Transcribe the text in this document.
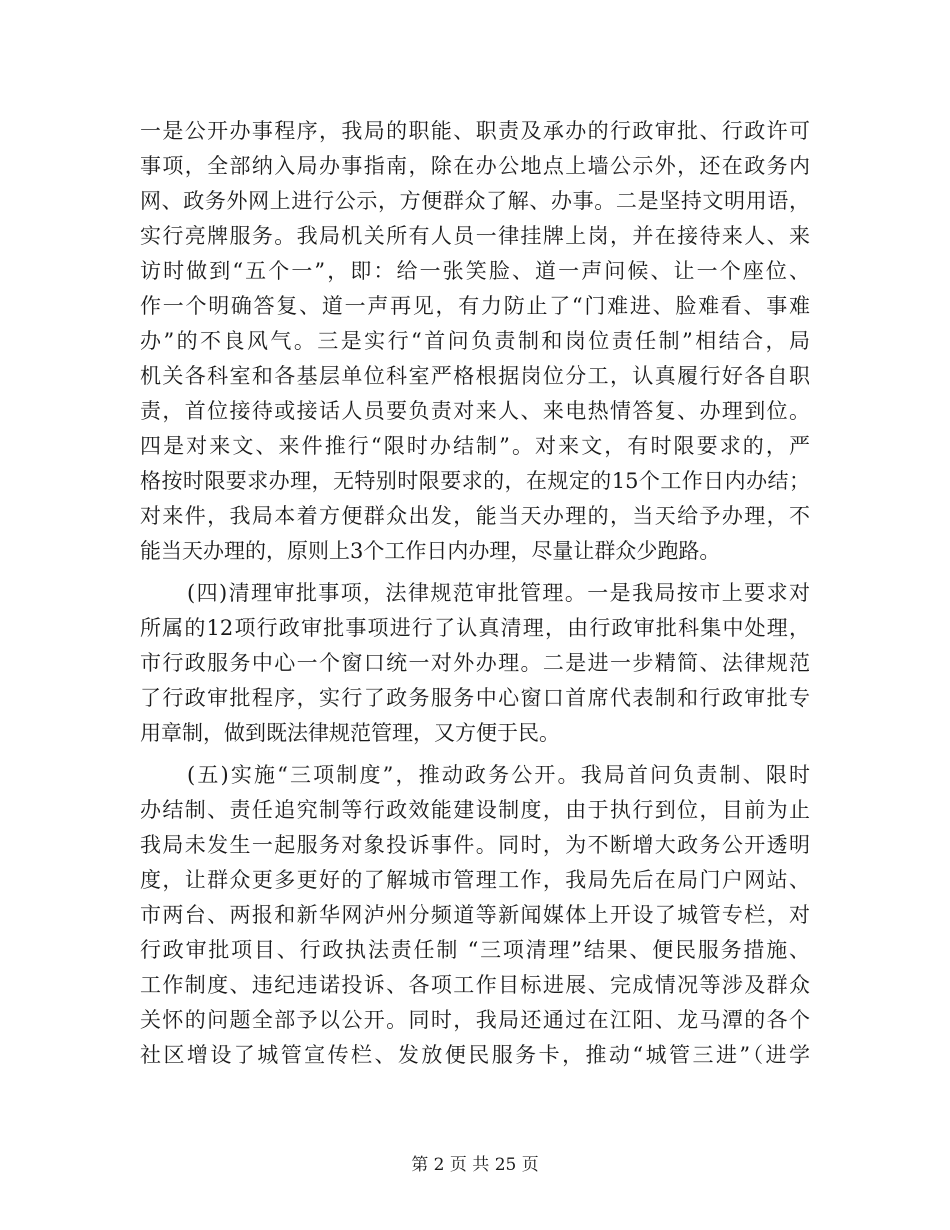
一是公开办事程序，我局的职能、职责及承办的行政审批、行政许可
事项，全部纳入局办事指南，除在办公地点上墙公示外，还在政务内
网、政务外网上进行公示，方便群众了解、办事。二是坚持文明用语，
实行亮牌服务。我局机关所有人员一律挂牌上岗，并在接待来人、来
访时做到“五个一”，即：给一张笑脸、道一声问候、让一个座位、
作一个明确答复、道一声再见，有力防止了“门难进、脸难看、事难
办”的不良风气。三是实行“首问负责制和岗位责任制”相结合，局
机关各科室和各基层单位科室严格根据岗位分工，认真履行好各自职
责，首位接待或接话人员要负责对来人、来电热情答复、办理到位。
四是对来文、来件推行“限时办结制”。对来文，有时限要求的，严
格按时限要求办理，无特别时限要求的，在规定的15个工作日内办结；
对来件，我局本着方便群众出发，能当天办理的，当天给予办理，不
能当天办理的，原则上3个工作日内办理，尽量让群众少跑路。
(四)清理审批事项，法律规范审批管理。一是我局按市上要求对
所属的12项行政审批事项进行了认真清理，由行政审批科集中处理，
市行政服务中心一个窗口统一对外办理。二是进一步精简、法律规范
了行政审批程序，实行了政务服务中心窗口首席代表制和行政审批专
用章制，做到既法律规范管理，又方便于民。
(五)实施“三项制度”，推动政务公开。我局首问负责制、限时
办结制、责任追究制等行政效能建设制度，由于执行到位，目前为止
我局未发生一起服务对象投诉事件。同时，为不断增大政务公开透明
度，让群众更多更好的了解城市管理工作，我局先后在局门户网站、
市两台、两报和新华网泸州分频道等新闻媒体上开设了城管专栏，对
行政审批项目、行政执法责任制 “三项清理”结果、便民服务措施、
工作制度、违纪违诺投诉、各项工作目标进展、完成情况等涉及群众
关怀的问题全部予以公开。同时，我局还通过在江阳、龙马潭的各个
社区增设了城管宣传栏、发放便民服务卡，推动“城管三进”（进学
第 2 页 共 25 页
